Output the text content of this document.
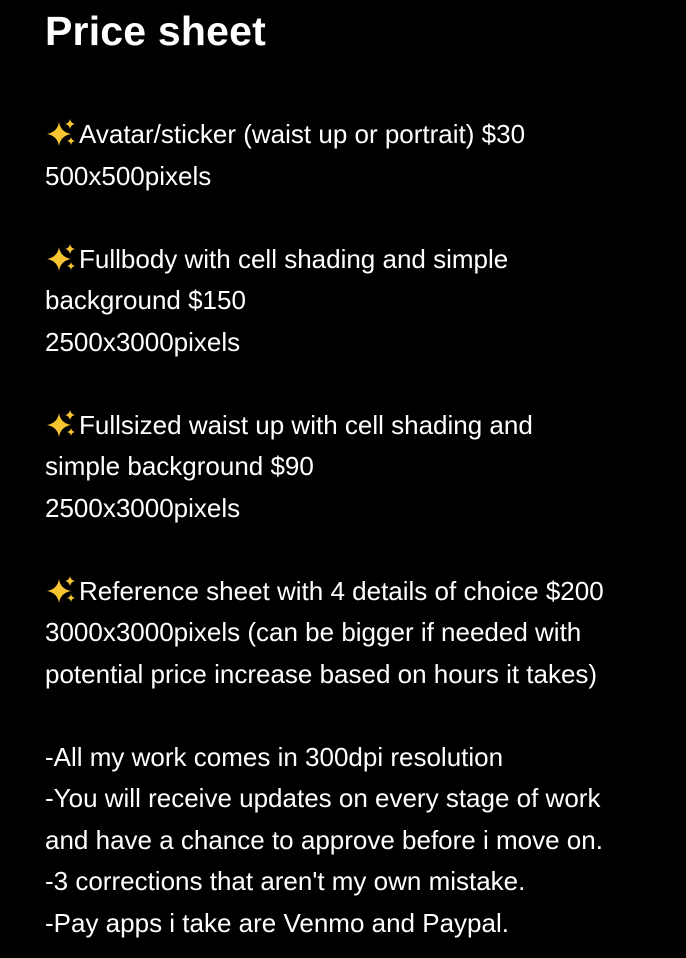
Price sheet
Avatar/sticker (waist up or portrait) $30
500x500pixels
Fullbody with cell shading and simple
background $150
2500x3000pixels
Fullsized waist up with cell shading and
simple background $90
2500x3000pixels
Reference sheet with 4 details of choice $200
3000x3000pixels (can be bigger if needed with
potential price increase based on hours it takes)
-All my work comes in 300dpi resolution
-You will receive updates on every stage of work
and have a chance to approve before i move on.
-3 corrections that aren't my own mistake.
-Pay apps i take are Venmo and Paypal.
